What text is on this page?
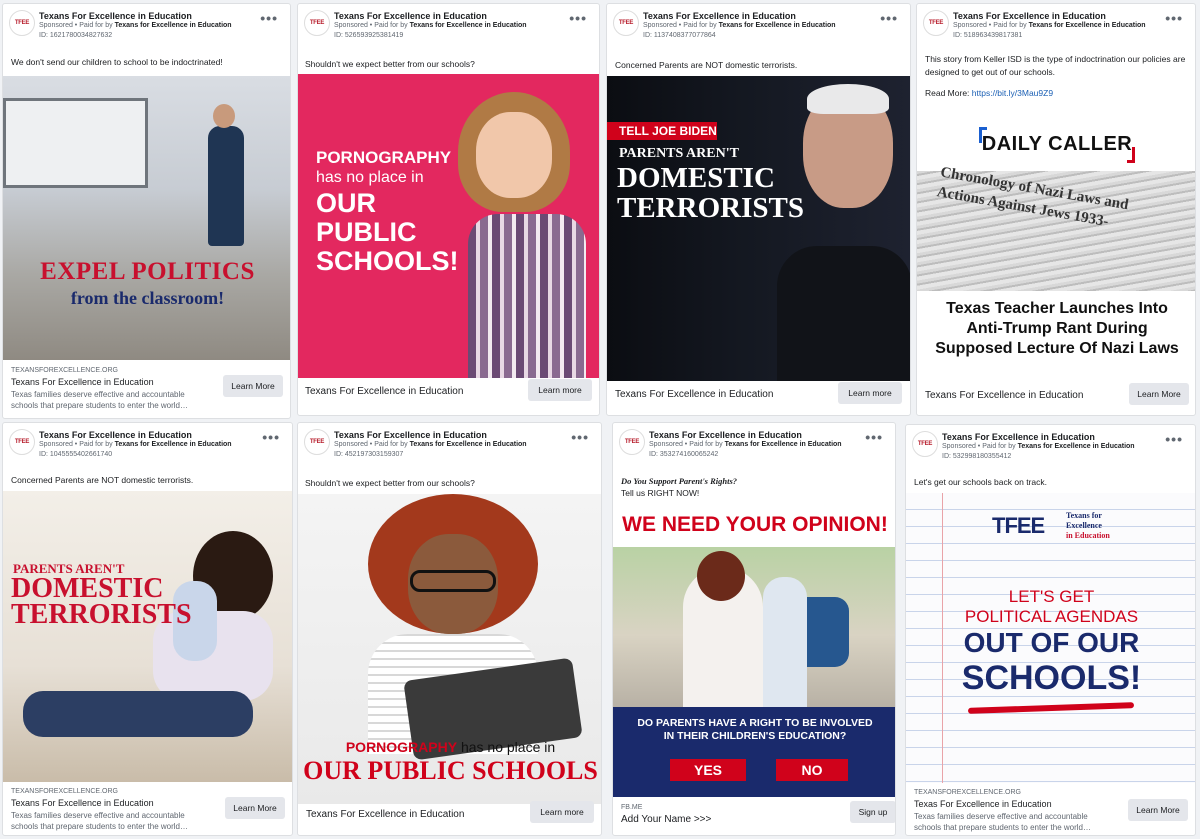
TFEE
Texans For Excellence in Education
Sponsored • Paid for by Texans for Excellence in Education
ID: 1621780034827632
•••
We don't send our children to school to be indoctrinated!
EXPEL POLITICS
from the classroom!
TEXANSFOREXCELLENCE.ORG
Texans For Excellence in Education
Texas families deserve effective and accountable schools that prepare students to enter the world…
Learn More
TFEE
Texans For Excellence in Education
Sponsored • Paid for by Texans for Excellence in Education
ID: 526593925381419
•••
Shouldn't we expect better from our schools?
PORNOGRAPHY
has no place in
OUR
PUBLIC
SCHOOLS!
Texans For Excellence in Education	Learn more
TFEE
Texans For Excellence in Education
Sponsored • Paid for by Texans for Excellence in Education
ID: 1137408377077864
•••
Concerned Parents are NOT domestic terrorists.
TELL JOE BIDEN
PARENTS AREN'T
DOMESTIC
TERRORISTS
Texans For Excellence in Education	Learn more
TFEE
Texans For Excellence in Education
Sponsored • Paid for by Texans for Excellence in Education
ID: 518963439817381
•••
This story from Keller ISD is the type of indoctrination our policies are designed to get out of our schools.
Read More: https://bit.ly/3Mau9Z9
DAILY CALLER
Chronology of Nazi Laws and Actions Against Jews 1933-
Texas Teacher Launches Into Anti-Trump Rant During Supposed Lecture Of Nazi Laws
Texans For Excellence in Education	Learn More
TFEE
Texans For Excellence in Education
Sponsored • Paid for by Texans for Excellence in Education
ID: 1045555402661740
•••
Concerned Parents are NOT domestic terrorists.
PARENTS AREN'T
DOMESTIC
TERRORISTS
TEXANSFOREXCELLENCE.ORG
Texans For Excellence in Education
Texas families deserve effective and accountable schools that prepare students to enter the world…
Learn More
TFEE
Texans For Excellence in Education
Sponsored • Paid for by Texans for Excellence in Education
ID: 452197303159307
•••
Shouldn't we expect better from our schools?
PORNOGRAPHY has no place in
OUR PUBLIC SCHOOLS
Texans For Excellence in Education	Learn more
TFEE
Texans For Excellence in Education
Sponsored • Paid for by Texans for Excellence in Education
ID: 353274160065242
•••
Do You Support Parent's Rights?
Tell us RIGHT NOW!
WE NEED YOUR OPINION!
DO PARENTS HAVE A RIGHT TO BE INVOLVED IN THEIR CHILDREN'S EDUCATION?
YES	NO
FB.ME
Add Your Name >>>
Sign up
TFEE
Texans For Excellence in Education
Sponsored • Paid for by Texans for Excellence in Education
ID: 532998180355412
•••
Let's get our schools back on track.
TFEE	Texans for
Excellence
in Education
LET'S GET
POLITICAL AGENDAS
OUT OF OUR
SCHOOLS!
TEXANSFOREXCELLENCE.ORG
Texas For Excellence in Education
Texas families deserve effective and accountable schools that prepare students to enter the world…
Learn More
